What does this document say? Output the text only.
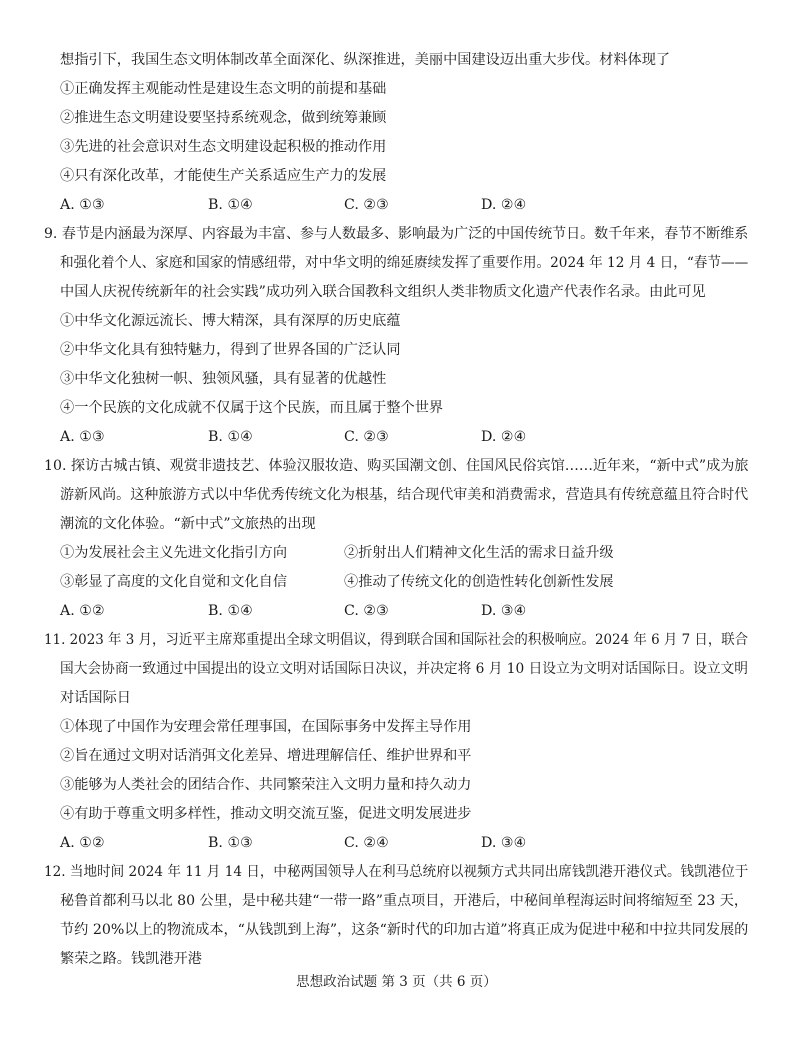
想指引下，我国生态文明体制改革全面深化、纵深推进，美丽中国建设迈出重大步伐。材料体现了
①正确发挥主观能动性是建设生态文明的前提和基础
②推进生态文明建设要坚持系统观念，做到统筹兼顾
③先进的社会意识对生态文明建设起积极的推动作用
④只有深化改革，才能使生产关系适应生产力的发展
A. ①③	B. ①④	C. ②③	D. ②④
9. 春节是内涵最为深厚、内容最为丰富、参与人数最多、影响最为广泛的中国传统节日。数千年来，春节不断维系
和强化着个人、家庭和国家的情感纽带，对中华文明的绵延赓续发挥了重要作用。2024 年 12 月 4 日，“春节——
中国人庆祝传统新年的社会实践”成功列入联合国教科文组织人类非物质文化遗产代表作名录。由此可见
①中华文化源远流长、博大精深，具有深厚的历史底蕴
②中华文化具有独特魅力，得到了世界各国的广泛认同
③中华文化独树一帜、独领风骚，具有显著的优越性
④一个民族的文化成就不仅属于这个民族，而且属于整个世界
A. ①③	B. ①④	C. ②③	D. ②④
10. 探访古城古镇、观赏非遗技艺、体验汉服妆造、购买国潮文创、住国风民俗宾馆……近年来，“新中式”成为旅
游新风尚。这种旅游方式以中华优秀传统文化为根基，结合现代审美和消费需求，营造具有传统意蕴且符合时代
潮流的文化体验。“新中式”文旅热的出现
①为发展社会主义先进文化指引方向	②折射出人们精神文化生活的需求日益升级
③彰显了高度的文化自觉和文化自信	④推动了传统文化的创造性转化创新性发展
A. ①②	B. ①④	C. ②③	D. ③④
11. 2023 年 3 月，习近平主席郑重提出全球文明倡议，得到联合国和国际社会的积极响应。2024 年 6 月 7 日，联合
国大会协商一致通过中国提出的设立文明对话国际日决议，并决定将 6 月 10 日设立为文明对话国际日。设立文明
对话国际日
①体现了中国作为安理会常任理事国，在国际事务中发挥主导作用
②旨在通过文明对话消弭文化差异、增进理解信任、维护世界和平
③能够为人类社会的团结合作、共同繁荣注入文明力量和持久动力
④有助于尊重文明多样性，推动文明交流互鉴，促进文明发展进步
A. ①②	B. ①③	C. ②④	D. ③④
12. 当地时间 2024 年 11 月 14 日，中秘两国领导人在利马总统府以视频方式共同出席钱凯港开港仪式。钱凯港位于
秘鲁首都利马以北 80 公里，是中秘共建“一带一路”重点项目，开港后，中秘间单程海运时间将缩短至 23 天，
节约 20%以上的物流成本，“从钱凯到上海”，这条“新时代的印加古道”将真正成为促进中秘和中拉共同发展的
繁荣之路。钱凯港开港
思想政治试题 第 3 页（共 6 页）
